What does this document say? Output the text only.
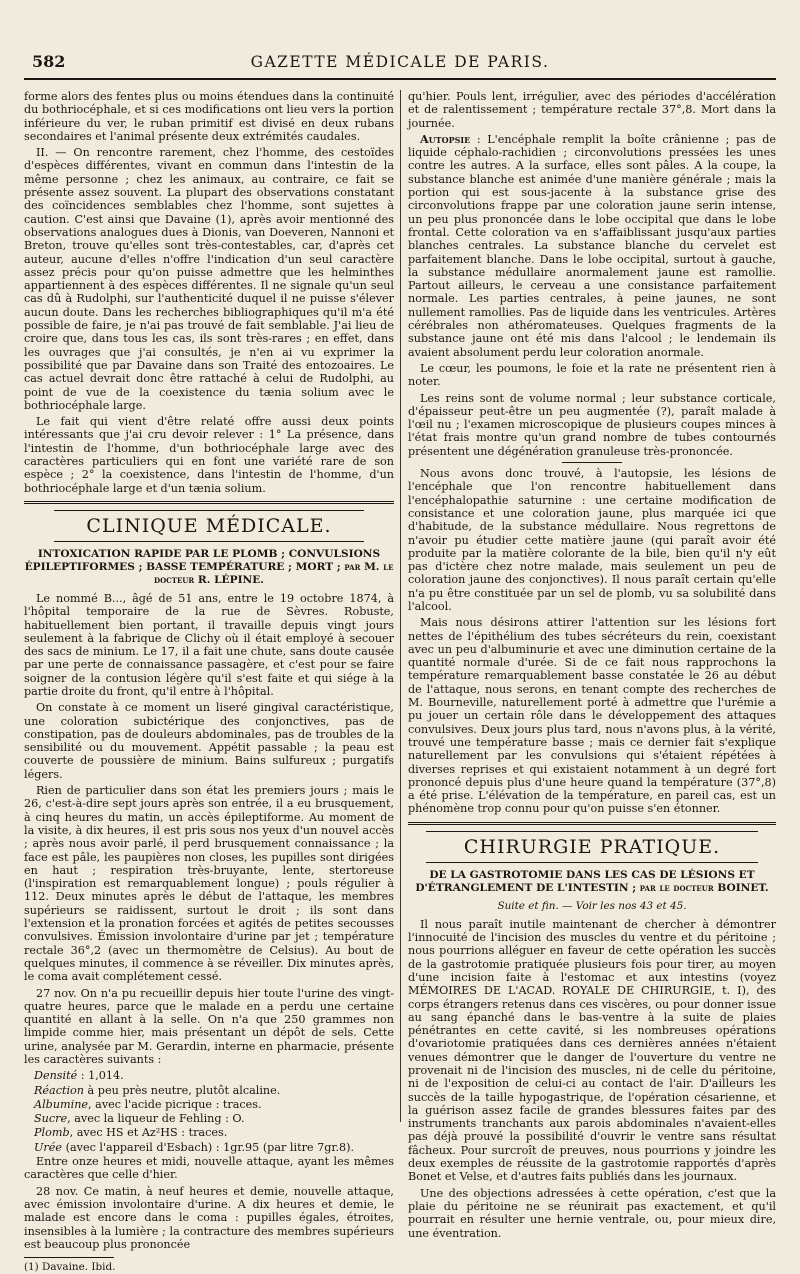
582	GAZETTE MÉDICALE DE PARIS.

forme alors des fentes plus ou moins étendues dans la continuité du bothriocéphale, et si ces modifications ont lieu vers la portion inférieure du ver, le ruban primitif est divisé en deux rubans secondaires et l'animal présente deux extrémités caudales.

II. — On rencontre rarement, chez l'homme, des cestoïdes d'espèces différentes, vivant en commun dans l'intestin de la même personne ; chez les animaux, au contraire, ce fait se présente assez souvent. La plupart des observations constatant des coïncidences semblables chez l'homme, sont sujettes à caution. C'est ainsi que Davaine (1), après avoir mentionné des observations analogues dues à Dionis, van Doeveren, Nannoni et Breton, trouve qu'elles sont très-contestables, car, d'après cet auteur, aucune d'elles n'offre l'indication d'un seul caractère assez précis pour qu'on puisse admettre que les helminthes appartiennent à des espèces différentes. Il ne signale qu'un seul cas dû à Rudolphi, sur l'authenticité duquel il ne puisse s'élever aucun doute. Dans les recherches bibliographiques qu'il m'a été possible de faire, je n'ai pas trouvé de fait semblable. J'ai lieu de croire que, dans tous les cas, ils sont très-rares ; en effet, dans les ouvrages que j'ai consultés, je n'en ai vu exprimer la possibilité que par Davaine dans son Traité des entozoaires. Le cas actuel devrait donc être rattaché à celui de Rudolphi, au point de vue de la coexistence du tænia solium avec le bothriocéphale large.

Le fait qui vient d'être relaté offre aussi deux points intéressants que j'ai cru devoir relever : 1° La présence, dans l'intestin de l'homme, d'un bothriocéphale large avec des caractères particuliers qui en font une variété rare de son espèce ; 2° la coexistence, dans l'intestin de l'homme, d'un bothriocéphale large et d'un tænia solium.

CLINIQUE MÉDICALE.
INTOXICATION RAPIDE PAR LE PLOMB ; CONVULSIONS ÉPILEPTIFORMES ; BASSE TEMPÉRATURE ; MORT ; par M. le docteur R. LÉPINE.

Le nommé B..., âgé de 51 ans, entre le 19 octobre 1874, à l'hôpital temporaire de la rue de Sèvres. Robuste, habituellement bien portant, il travaille depuis vingt jours seulement à la fabrique de Clichy où il était employé à secouer des sacs de minium. Le 17, il a fait une chute, sans doute causée par une perte de connaissance passagère, et c'est pour se faire soigner de la contusion légère qu'il s'est faite et qui siége à la partie droite du front, qu'il entre à l'hôpital.

On constate à ce moment un liseré gingival caractéristique, une coloration subictérique des conjonctives, pas de constipation, pas de douleurs abdominales, pas de troubles de la sensibilité ou du mouvement. Appétit passable ; la peau est couverte de poussière de minium. Bains sulfureux ; purgatifs légers.

Rien de particulier dans son état les premiers jours ; mais le 26, c'est-à-dire sept jours après son entrée, il a eu brusquement, à cinq heures du matin, un accès épileptiforme. Au moment de la visite, à dix heures, il est pris sous nos yeux d'un nouvel accès ; après nous avoir parlé, il perd brusquement connaissance ; la face est pâle, les paupières non closes, les pupilles sont dirigées en haut ; respiration très-bruyante, lente, stertoreuse (l'inspiration est remarquablement longue) ; pouls régulier à 112. Deux minutes après le début de l'attaque, les membres supérieurs se raidissent, surtout le droit ; ils sont dans l'extension et la pronation forcées et agités de petites secousses convulsives. Émission involontaire d'urine par jet ; température rectale 36°,2 (avec un thermomètre de Celsius). Au bout de quelques minutes, il commence à se réveiller. Dix minutes après, le coma avait complétement cessé.

27 nov. On n'a pu recueillir depuis hier toute l'urine des vingt-quatre heures, parce que le malade en a perdu une certaine quantité en allant à la selle. On n'a que 250 grammes non limpide comme hier, mais présentant un dépôt de sels. Cette urine, analysée par M. Gerardin, interne en pharmacie, présente les caractères suivants :

Densité : 1,014.
Réaction à peu près neutre, plutôt alcaline.
Albumine, avec l'acide picrique : traces.
Sucre, avec la liqueur de Fehling : O.
Plomb, avec HS et Az²HS : traces.
Urée (avec l'appareil d'Esbach) : 1gr.95 (par litre 7gr.8).

Entre onze heures et midi, nouvelle attaque, ayant les mêmes caractères que celle d'hier.

28 nov. Ce matin, à neuf heures et demie, nouvelle attaque, avec émission involontaire d'urine. A dix heures et demie, le malade est encore dans le coma : pupilles égales, étroites, insensibles à la lumière ; la contracture des membres supérieurs est beaucoup plus prononcée

(1) Davaine. Ibid.

qu'hier. Pouls lent, irrégulier, avec des périodes d'accélération et de ralentissement ; température rectale 37°,8. Mort dans la journée.

Autopsie : L'encéphale remplit la boîte crânienne ; pas de liquide céphalo-rachidien ; circonvolutions pressées les unes contre les autres. A la surface, elles sont pâles. A la coupe, la substance blanche est animée d'une manière générale ; mais la portion qui est sous-jacente à la substance grise des circonvolutions frappe par une coloration jaune serin intense, un peu plus prononcée dans le lobe occipital que dans le lobe frontal. Cette coloration va en s'affaiblissant jusqu'aux parties blanches centrales. La substance blanche du cervelet est parfaitement blanche. Dans le lobe occipital, surtout à gauche, la substance médullaire anormalement jaune est ramollie. Partout ailleurs, le cerveau a une consistance parfaitement normale. Les parties centrales, à peine jaunes, ne sont nullement ramollies. Pas de liquide dans les ventricules. Artères cérébrales non athéromateuses. Quelques fragments de la substance jaune ont été mis dans l'alcool ; le lendemain ils avaient absolument perdu leur coloration anormale.

Le cœur, les poumons, le foie et la rate ne présentent rien à noter.

Les reins sont de volume normal ; leur substance corticale, d'épaisseur peut-être un peu augmentée (?), paraît malade à l'œil nu ; l'examen microscopique de plusieurs coupes minces à l'état frais montre qu'un grand nombre de tubes contournés présentent une dégénération granuleuse très-prononcée.

Nous avons donc trouvé, à l'autopsie, les lésions de l'encéphale que l'on rencontre habituellement dans l'encéphalopathie saturnine : une certaine modification de consistance et une coloration jaune, plus marquée ici que d'habitude, de la substance médullaire. Nous regrettons de n'avoir pu étudier cette matière jaune (qui paraît avoir été produite par la matière colorante de la bile, bien qu'il n'y eût pas d'ictère chez notre malade, mais seulement un peu de coloration jaune des conjonctives). Il nous paraît certain qu'elle n'a pu être constituée par un sel de plomb, vu sa solubilité dans l'alcool.

Mais nous désirons attirer l'attention sur les lésions fort nettes de l'épithélium des tubes sécréteurs du rein, coexistant avec un peu d'albuminurie et avec une diminution certaine de la quantité normale d'urée. Si de ce fait nous rapprochons la température remarquablement basse constatée le 26 au début de l'attaque, nous serons, en tenant compte des recherches de M. Bourneville, naturellement porté à admettre que l'urémie a pu jouer un certain rôle dans le développement des attaques convulsives. Deux jours plus tard, nous n'avons plus, à la vérité, trouvé une température basse ; mais ce dernier fait s'explique naturellement par les convulsions qui s'étaient répétées à diverses reprises et qui existaient notamment à un degré fort prononcé depuis plus d'une heure quand la température (37°,8) a été prise. L'élévation de la température, en pareil cas, est un phénomène trop connu pour qu'on puisse s'en étonner.

CHIRURGIE PRATIQUE.
DE LA GASTROTOMIE DANS LES CAS DE LÉSIONS ET D'ÉTRANGLEMENT DE L'INTESTIN ; par le docteur BOINET.
Suite et fin. — Voir les nos 43 et 45.

Il nous paraît inutile maintenant de chercher à démontrer l'innocuité de l'incision des muscles du ventre et du péritoine ; nous pourrions alléguer en faveur de cette opération les succès de la gastrotomie pratiquée plusieurs fois pour tirer, au moyen d'une incision faite à l'estomac et aux intestins (voyez MÉMOIRES DE L'ACAD. ROYALE DE CHIRURGIE, t. I), des corps étrangers retenus dans ces viscères, ou pour donner issue au sang épanché dans le bas-ventre à la suite de plaies pénétrantes en cette cavité, si les nombreuses opérations d'ovariotomie pratiquées dans ces dernières années n'étaient venues démontrer que le danger de l'ouverture du ventre ne provenait ni de l'incision des muscles, ni de celle du péritoine, ni de l'exposition de celui-ci au contact de l'air. D'ailleurs les succès de la taille hypogastrique, de l'opération césarienne, et la guérison assez facile de grandes blessures faites par des instruments tranchants aux parois abdominales n'avaient-elles pas déjà prouvé la possibilité d'ouvrir le ventre sans résultat fâcheux. Pour surcroît de preuves, nous pourrions y joindre les deux exemples de réussite de la gastrotomie rapportés d'après Bonet et Velse, et d'autres faits publiés dans les journaux.

Une des objections adressées à cette opération, c'est que la plaie du péritoine ne se réunirait pas exactement, et qu'il pourrait en résulter une hernie ventrale, ou, pour mieux dire, une éventration.
